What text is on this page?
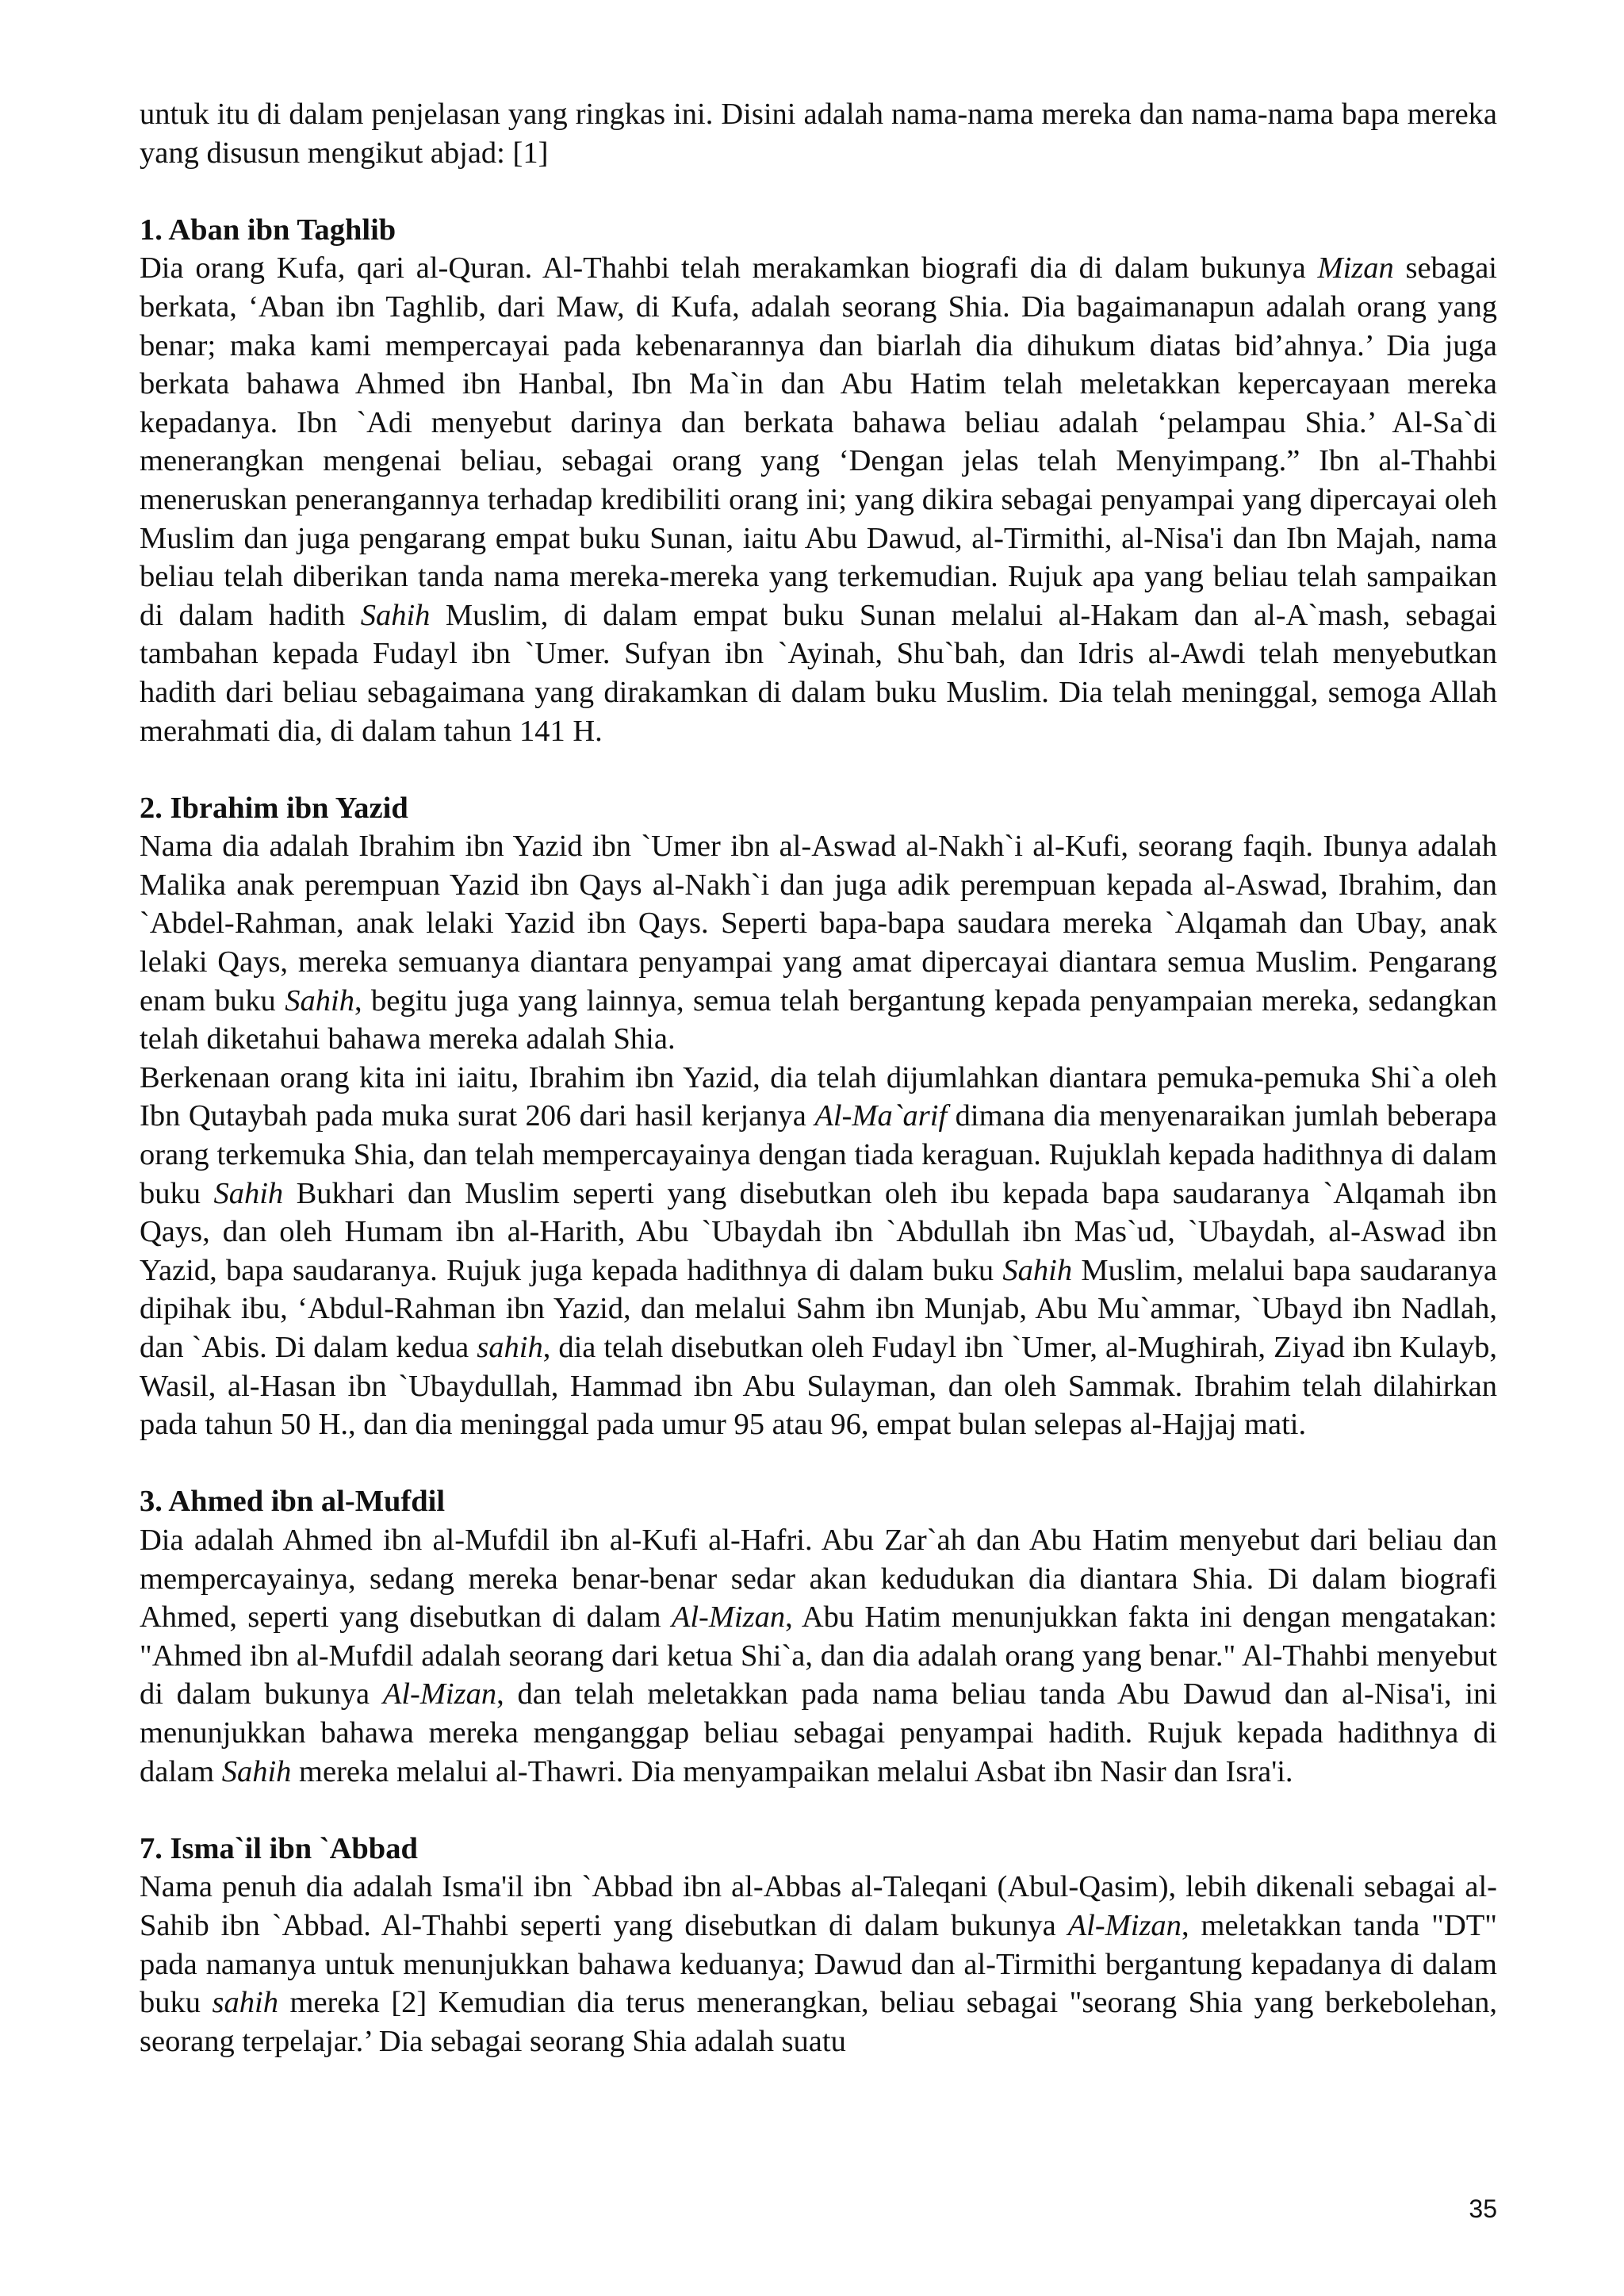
untuk itu di dalam penjelasan yang ringkas ini. Disini adalah nama-nama mereka dan nama-nama bapa mereka yang disusun mengikut abjad: [1]

1. Aban ibn Taghlib

Dia orang Kufa, qari al-Quran. Al-Thahbi telah merakamkan biografi dia di dalam bukunya Mizan sebagai berkata, ‘Aban ibn Taghlib, dari Maw, di Kufa, adalah seorang Shia. Dia bagaimanapun adalah orang yang benar; maka kami mempercayai pada kebenarannya dan biarlah dia dihukum diatas bid’ahnya.’ Dia juga berkata bahawa Ahmed ibn Hanbal, Ibn Ma`in dan Abu Hatim telah meletakkan kepercayaan mereka kepadanya. Ibn `Adi menyebut darinya dan berkata bahawa beliau adalah ‘pelampau Shia.’ Al-Sa`di menerangkan mengenai beliau, sebagai orang yang ‘Dengan jelas telah Menyimpang.” Ibn al-Thahbi meneruskan penerangannya terhadap kredibiliti orang ini; yang dikira sebagai penyampai yang dipercayai oleh Muslim dan juga pengarang empat buku Sunan, iaitu Abu Dawud, al-Tirmithi, al-Nisa'i dan Ibn Majah, nama beliau telah diberikan tanda nama mereka-mereka yang terkemudian. Rujuk apa yang beliau telah sampaikan di dalam hadith Sahih Muslim, di dalam empat buku Sunan melalui al-Hakam dan al-A`mash, sebagai tambahan kepada Fudayl ibn `Umer. Sufyan ibn `Ayinah, Shu`bah, dan Idris al-Awdi telah menyebutkan hadith dari beliau sebagaimana yang dirakamkan di dalam buku Muslim. Dia telah meninggal, semoga Allah merahmati dia, di dalam tahun 141 H.

2. Ibrahim ibn Yazid

Nama dia adalah Ibrahim ibn Yazid ibn `Umer ibn al-Aswad al-Nakh`i al-Kufi, seorang faqih. Ibunya adalah Malika anak perempuan Yazid ibn Qays al-Nakh`i dan juga adik perempuan kepada al-Aswad, Ibrahim, dan `Abdel-Rahman, anak lelaki Yazid ibn Qays. Seperti bapa-bapa saudara mereka `Alqamah dan Ubay, anak lelaki Qays, mereka semuanya diantara penyampai yang amat dipercayai diantara semua Muslim. Pengarang enam buku Sahih, begitu juga yang lainnya, semua telah bergantung kepada penyampaian mereka, sedangkan telah diketahui bahawa mereka adalah Shia.

Berkenaan orang kita ini iaitu, Ibrahim ibn Yazid, dia telah dijumlahkan diantara pemuka-pemuka Shi`a oleh Ibn Qutaybah pada muka surat 206 dari hasil kerjanya Al-Ma`arif dimana dia menyenaraikan jumlah beberapa orang terkemuka Shia, dan telah mempercayainya dengan tiada keraguan. Rujuklah kepada hadithnya di dalam buku Sahih Bukhari dan Muslim seperti yang disebutkan oleh ibu kepada bapa saudaranya `Alqamah ibn Qays, dan oleh Humam ibn al-Harith, Abu `Ubaydah ibn `Abdullah ibn Mas`ud, `Ubaydah, al-Aswad ibn Yazid, bapa saudaranya. Rujuk juga kepada hadithnya di dalam buku Sahih Muslim, melalui bapa saudaranya dipihak ibu, ‘Abdul-Rahman ibn Yazid, dan melalui Sahm ibn Munjab, Abu Mu`ammar, `Ubayd ibn Nadlah, dan `Abis. Di dalam kedua sahih, dia telah disebutkan oleh Fudayl ibn `Umer, al-Mughirah, Ziyad ibn Kulayb, Wasil, al-Hasan ibn `Ubaydullah, Hammad ibn Abu Sulayman, dan oleh Sammak. Ibrahim telah dilahirkan pada tahun 50 H., dan dia meninggal pada umur 95 atau 96, empat bulan selepas al-Hajjaj mati.

3. Ahmed ibn al-Mufdil

Dia adalah Ahmed ibn al-Mufdil ibn al-Kufi al-Hafri. Abu Zar`ah dan Abu Hatim menyebut dari beliau dan mempercayainya, sedang mereka benar-benar sedar akan kedudukan dia diantara Shia. Di dalam biografi Ahmed, seperti yang disebutkan di dalam Al-Mizan, Abu Hatim menunjukkan fakta ini dengan mengatakan: "Ahmed ibn al-Mufdil adalah seorang dari ketua Shi`a, dan dia adalah orang yang benar." Al-Thahbi menyebut di dalam bukunya Al-Mizan, dan telah meletakkan pada nama beliau tanda Abu Dawud dan al-Nisa'i, ini menunjukkan bahawa mereka menganggap beliau sebagai penyampai hadith. Rujuk kepada hadithnya di dalam Sahih mereka melalui al-Thawri. Dia menyampaikan melalui Asbat ibn Nasir dan Isra'i.

7. Isma`il ibn `Abbad

Nama penuh dia adalah Isma'il ibn `Abbad ibn al-Abbas al-Taleqani (Abul-Qasim), lebih dikenali sebagai al-Sahib ibn `Abbad. Al-Thahbi seperti yang disebutkan di dalam bukunya Al-Mizan, meletakkan tanda "DT" pada namanya untuk menunjukkan bahawa keduanya; Dawud dan al-Tirmithi bergantung kepadanya di dalam buku sahih mereka [2] Kemudian dia terus menerangkan, beliau sebagai "seorang Shia yang berkebolehan, seorang terpelajar.’ Dia sebagai seorang Shia adalah suatu

35
